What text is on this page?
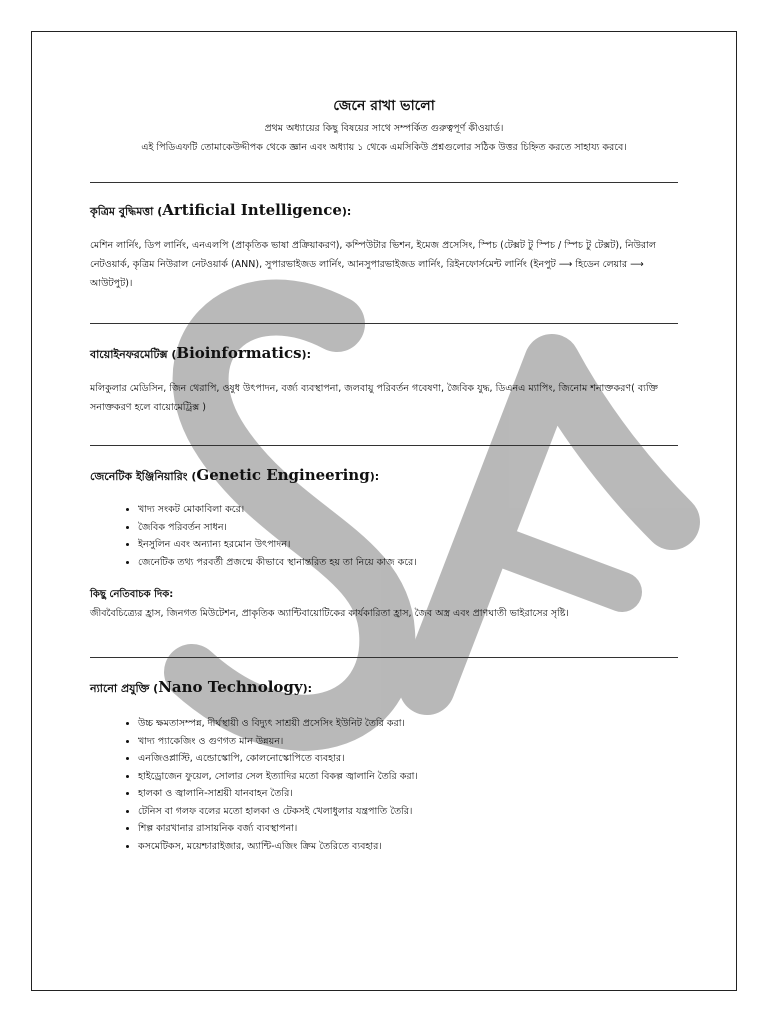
জেনে রাখা ভালো
প্রথম অধ্যায়ের কিছু বিষয়ের সাথে সম্পর্কিত গুরুত্বপূর্ণ কীওয়ার্ড।
এই পিডিএফটি তোমাকেউদ্দীপক থেকে জ্ঞান এবং অধ্যায় ১ থেকে এমসিকিউ প্রশ্নগুলোর সঠিক উত্তর চিহ্নিত করতে সাহায্য করবে।
কৃত্রিম বুদ্ধিমত্তা (Artificial Intelligence):

মেশিন লার্নিং, ডিপ লার্নিং, এনএলপি (প্রাকৃতিক ভাষা প্রক্রিয়াকরণ), কম্পিউটার ভিশন, ইমেজ প্রসেসিং, স্পিচ (টেক্সট টু স্পিচ / স্পিচ টু টেক্সট), নিউরাল নেটওয়ার্ক, কৃত্রিম নিউরাল নেটওয়ার্ক (ANN), সুপারভাইজড লার্নিং, আনসুপারভাইজড লার্নিং, রিইনফোর্সমেন্ট লার্নিং (ইনপুট ⟶ হিডেন লেয়ার ⟶ আউটপুট)।

বায়োইনফরমেটিক্স (Bioinformatics):

মলিকুলার মেডিসিন, জিন থেরাপি, ওষুধ উৎপাদন, বর্জ্য ব্যবস্থাপনা, জলবায়ু পরিবর্তন গবেষণা, জৈবিক যুদ্ধ, ডিএনএ ম্যাপিং, জিনোম শনাক্তকরণ( ব্যক্তি সনাক্তকরণ হলে বায়োমেট্রিক্স )

জেনেটিক ইঞ্জিনিয়ারিং (Genetic Engineering):
• খাদ্য সংকট মোকাবিলা করে।
• জৈবিক পরিবর্তন সাধন।
• ইনসুলিন এবং অন্যান্য হরমোন উৎপাদন।
• জেনেটিক তথ্য পরবর্তী প্রজন্মে কীভাবে স্থানান্তরিত হয় তা নিয়ে কাজ করে।
কিছু নেতিবাচক দিক:

জীববৈচিত্র্যের হ্রাস, জিনগত মিউটেশন, প্রাকৃতিক অ্যান্টিবায়োটিকের কার্যকারিতা হ্রাস, জৈব অস্ত্র এবং প্রাণঘাতী ভাইরাসের সৃষ্টি।

ন্যানো প্রযুক্তি (Nano Technology):
• উচ্চ ক্ষমতাসম্পন্ন, দীর্ঘস্থায়ী ও বিদ্যুৎ সাশ্রয়ী প্রসেসিং ইউনিট তৈরি করা।
• খাদ্য প্যাকেজিং ও গুণগত মান উন্নয়ন।
• এনজিওপ্লাস্টি, এন্ডোস্কোপি, কোলনোস্কোপিতে ব্যবহার।
• হাইড্রোজেন ফুয়েল, সোলার সেল ইত্যাদির মতো বিকল্প জ্বালানি তৈরি করা।
• হালকা ও জ্বালানি-সাশ্রয়ী যানবাহন তৈরি।
• টেনিস বা গলফ বলের মতো হালকা ও টেকসই খেলাধুলার যন্ত্রপাতি তৈরি।
• শিল্প কারখানার রাসায়নিক বর্জ্য ব্যবস্থাপনা।
• কসমেটিকস, ময়েশ্চারাইজার, অ্যান্টি-এজিং ক্রিম তৈরিতে ব্যবহার।
